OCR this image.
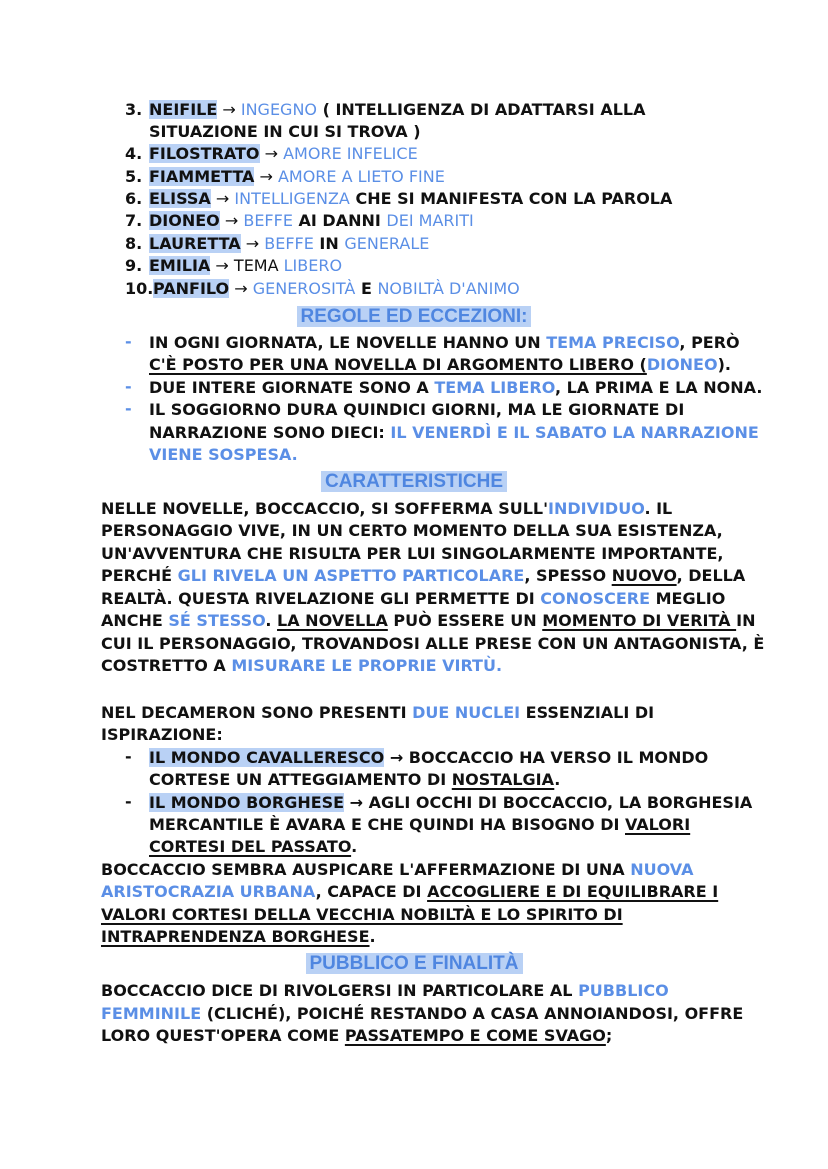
3. NEIFILE → INGEGNO ( INTELLIGENZA DI ADATTARSI ALLA
SITUAZIONE IN CUI SI TROVA )
4. FILOSTRATO → AMORE INFELICE
5. FIAMMETTA → AMORE A LIETO FINE
6. ELISSA → INTELLIGENZA CHE SI MANIFESTA CON LA PAROLA
7. DIONEO → BEFFE AI DANNI DEI MARITI
8. LAURETTA → BEFFE IN GENERALE
9. EMILIA → TEMA LIBERO
10.PANFILO → GENEROSITÀ E NOBILTÀ D'ANIMO
REGOLE ED ECCEZIONI:
- IN OGNI GIORNATA, LE NOVELLE HANNO UN TEMA PRECISO, PERÒ
C'È POSTO PER UNA NOVELLA DI ARGOMENTO LIBERO (DIONEO).
- DUE INTERE GIORNATE SONO A TEMA LIBERO, LA PRIMA E LA NONA.
- IL SOGGIORNO DURA QUINDICI GIORNI, MA LE GIORNATE DI
NARRAZIONE SONO DIECI: IL VENERDÌ E IL SABATO LA NARRAZIONE
VIENE SOSPESA.
CARATTERISTICHE
NELLE NOVELLE, BOCCACCIO, SI SOFFERMA SULL'INDIVIDUO. IL
PERSONAGGIO VIVE, IN UN CERTO MOMENTO DELLA SUA ESISTENZA,
UN'AVVENTURA CHE RISULTA PER LUI SINGOLARMENTE IMPORTANTE,
PERCHÉ GLI RIVELA UN ASPETTO PARTICOLARE, SPESSO NUOVO, DELLA
REALTÀ. QUESTA RIVELAZIONE GLI PERMETTE DI CONOSCERE MEGLIO
ANCHE SÉ STESSO. LA NOVELLA PUÒ ESSERE UN MOMENTO DI VERITÀ IN
CUI IL PERSONAGGIO, TROVANDOSI ALLE PRESE CON UN ANTAGONISTA, È
COSTRETTO A MISURARE LE PROPRIE VIRTÙ.
NEL DECAMERON SONO PRESENTI DUE NUCLEI ESSENZIALI DI
ISPIRAZIONE:
- IL MONDO CAVALLERESCO → BOCCACCIO HA VERSO IL MONDO
CORTESE UN ATTEGGIAMENTO DI NOSTALGIA.
- IL MONDO BORGHESE → AGLI OCCHI DI BOCCACCIO, LA BORGHESIA
MERCANTILE È AVARA E CHE QUINDI HA BISOGNO DI VALORI
CORTESI DEL PASSATO.
BOCCACCIO SEMBRA AUSPICARE L'AFFERMAZIONE DI UNA NUOVA
ARISTOCRAZIA URBANA, CAPACE DI ACCOGLIERE E DI EQUILIBRARE I
VALORI CORTESI DELLA VECCHIA NOBILTÀ E LO SPIRITO DI
INTRAPRENDENZA BORGHESE.
PUBBLICO E FINALITÀ
BOCCACCIO DICE DI RIVOLGERSI IN PARTICOLARE AL PUBBLICO
FEMMINILE (CLICHÉ), POICHÉ RESTANDO A CASA ANNOIANDOSI, OFFRE
LORO QUEST'OPERA COME PASSATEMPO E COME SVAGO;
